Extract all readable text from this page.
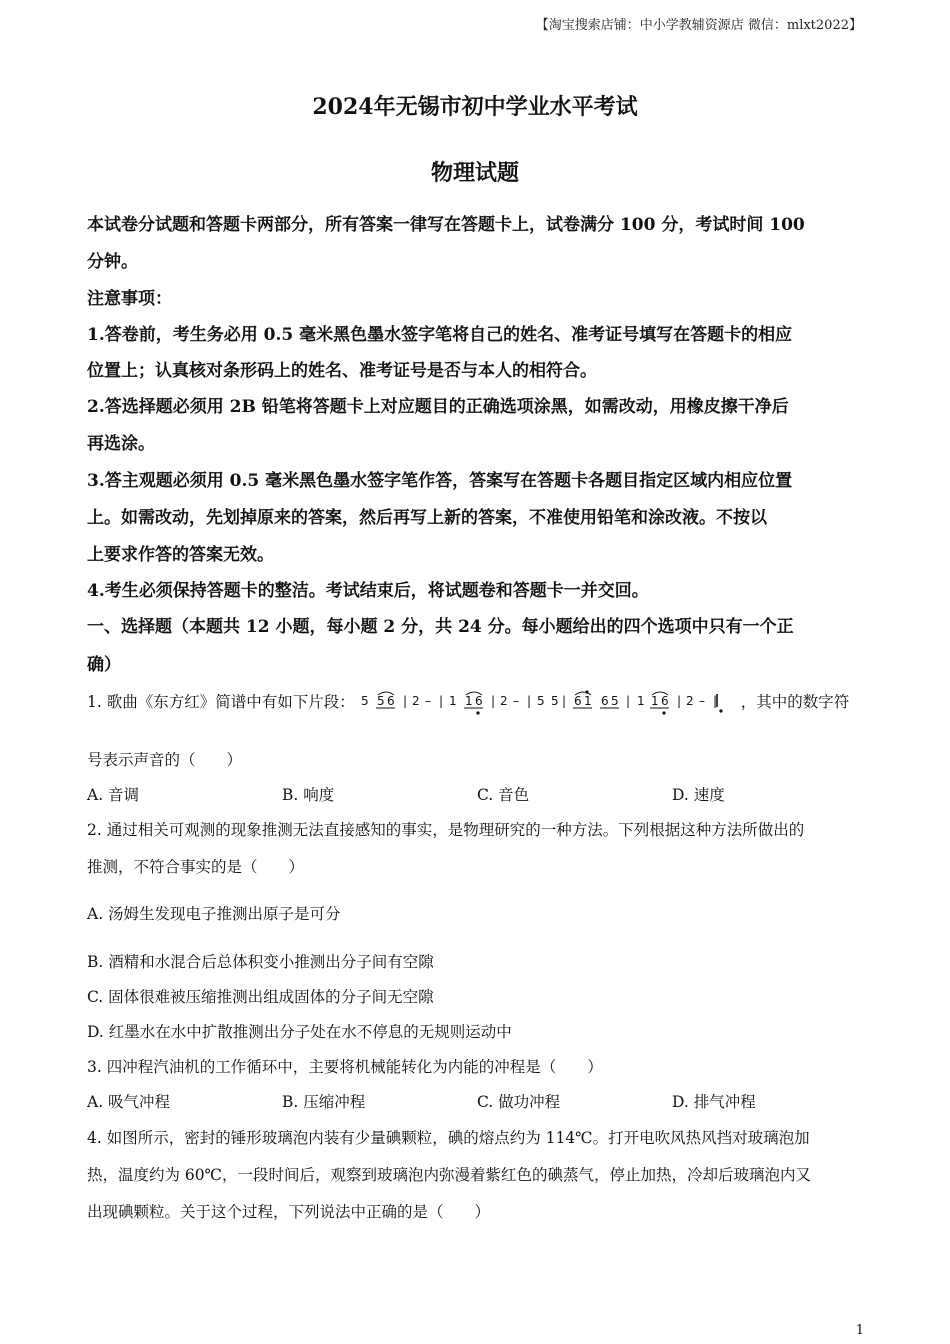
【淘宝搜索店铺：中小学教辅资源店 微信：mlxt2022】
2024年无锡市初中学业水平考试
物理试题
本试卷分试题和答题卡两部分，所有答案一律写在答题卡上，试卷满分 100 分，考试时间 100
分钟。
注意事项：
1.答卷前，考生务必用 0.5 毫米黑色墨水签字笔将自己的姓名、准考证号填写在答题卡的相应
位置上；认真核对条形码上的姓名、准考证号是否与本人的相符合。
2.答选择题必须用 2B 铅笔将答题卡上对应题目的正确选项涂黑，如需改动，用橡皮擦干净后
再选涂。
3.答主观题必须用 0.5 毫米黑色墨水签字笔作答，答案写在答题卡各题目指定区域内相应位置
上。如需改动，先划掉原来的答案，然后再写上新的答案，不准使用铅笔和涂改液。不按以
上要求作答的答案无效。
4.考生必须保持答题卡的整洁。考试结束后，将试题卷和答题卡一并交回。
一、选择题（本题共 12 小题，每小题 2 分，共 24 分。每小题给出的四个选项中只有一个正
确）
1. 歌曲《东方红》简谱中有如下片段： 5 5 6 | 2 – | 1 1 6 | 2 – | 5 5 | 6 1 6 5 | 1 1 6 | 2 – | ，其中的数字符
号表示声音的（　　）
A. 音调	B. 响度	C. 音色	D. 速度
2. 通过相关可观测的现象推测无法直接感知的事实，是物理研究的一种方法。下列根据这种方法所做出的
推测，不符合事实的是（　　）
A. 汤姆生发现电子推测出原子是可分
B. 酒精和水混合后总体积变小推测出分子间有空隙
C. 固体很难被压缩推测出组成固体的分子间无空隙
D. 红墨水在水中扩散推测出分子处在水不停息的无规则运动中
3. 四冲程汽油机的工作循环中，主要将机械能转化为内能的冲程是（　　）
A. 吸气冲程	B. 压缩冲程	C. 做功冲程	D. 排气冲程
4. 如图所示，密封的锤形玻璃泡内装有少量碘颗粒，碘的熔点约为 114℃。打开电吹风热风挡对玻璃泡加
热，温度约为 60℃，一段时间后，观察到玻璃泡内弥漫着紫红色的碘蒸气，停止加热，冷却后玻璃泡内又
出现碘颗粒。关于这个过程，下列说法中正确的是（　　）
1
